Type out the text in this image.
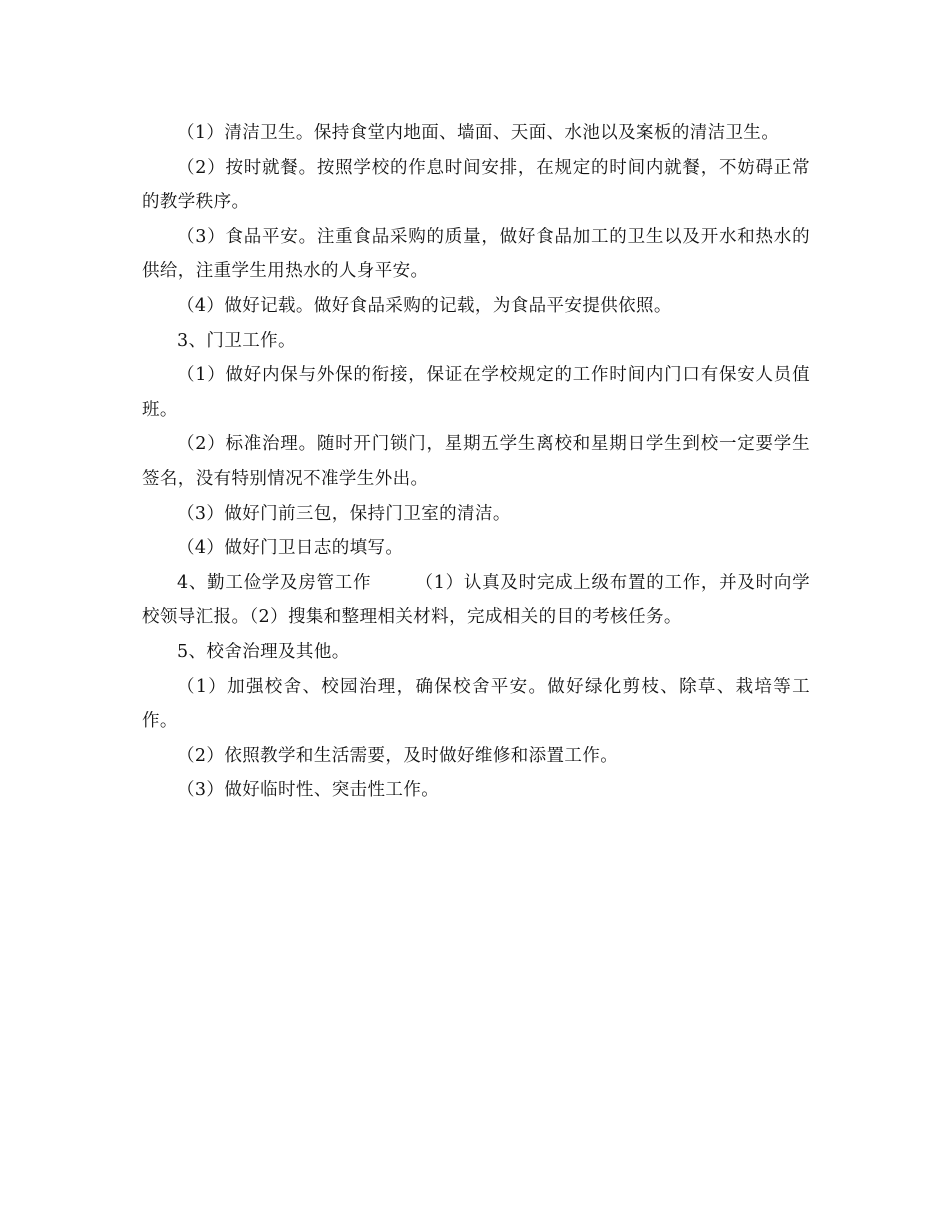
（1）清洁卫生。保持食堂内地面、墙面、天面、水池以及案板的清洁卫生。

（2）按时就餐。按照学校的作息时间安排，在规定的时间内就餐，不妨碍正常的教学秩序。

（3）食品平安。注重食品采购的质量，做好食品加工的卫生以及开水和热水的供给，注重学生用热水的人身平安。

（4）做好记载。做好食品采购的记载，为食品平安提供依照。

3、门卫工作。

（1）做好内保与外保的衔接，保证在学校规定的工作时间内门口有保安人员值班。

（2）标准治理。随时开门锁门，星期五学生离校和星期日学生到校一定要学生签名，没有特别情况不准学生外出。

（3）做好门前三包，保持门卫室的清洁。

（4）做好门卫日志的填写。

4、勤工俭学及房管工作	（1）认真及时完成上级布置的工作，并及时向学校领导汇报。（2）搜集和整理相关材料，完成相关的目的考核任务。

5、校舍治理及其他。

（1）加强校舍、校园治理，确保校舍平安。做好绿化剪枝、除草、栽培等工作。

（2）依照教学和生活需要，及时做好维修和添置工作。

（3）做好临时性、突击性工作。
